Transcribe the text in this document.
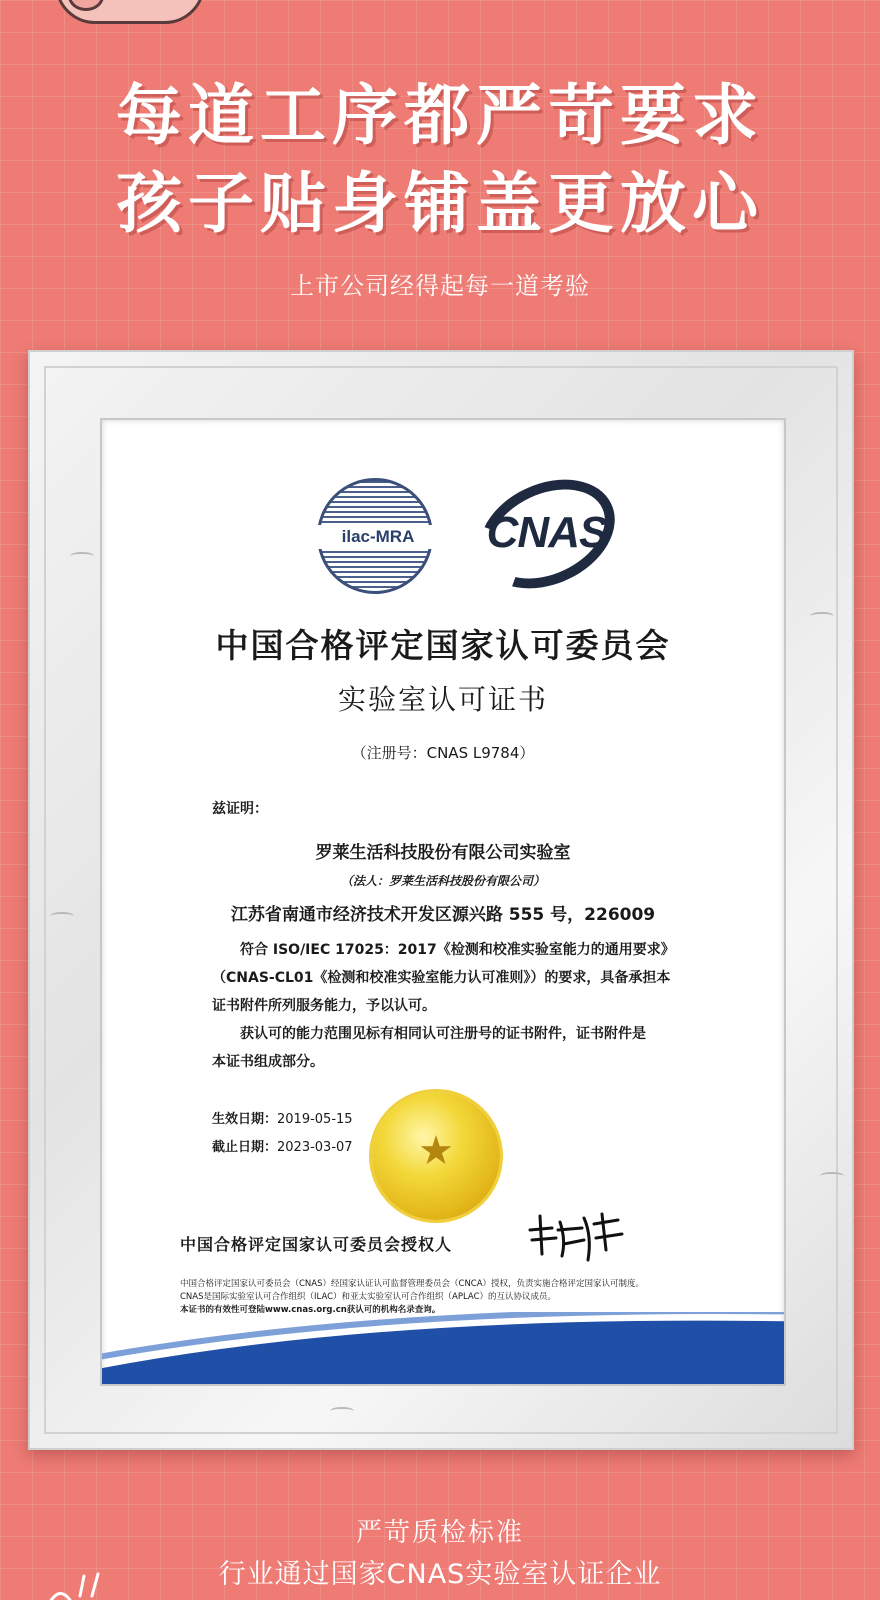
每道工序都严苛要求
孩子贴身铺盖更放心
上市公司经得起每一道考验
ilac-MRA	CNAS
中国合格评定国家认可委员会
实验室认可证书
（注册号：CNAS L9784）
兹证明：
罗莱生活科技股份有限公司实验室
（法人：罗莱生活科技股份有限公司）
江苏省南通市经济技术开发区源兴路 555 号，226009

符合 ISO/IEC 17025：2017《检测和校准实验室能力的通用要求》

（CNAS-CL01《检测和校准实验室能力认可准则》）的要求，具备承担本

证书附件所列服务能力，予以认可。

获认可的能力范围见标有相同认可注册号的证书附件，证书附件是

本证书组成部分。

生效日期：2019-05-15
截止日期：2023-03-07	★
中国合格评定国家认可委员会授权人
中国合格评定国家认可委员会（CNAS）经国家认证认可监督管理委员会（CNCA）授权，负责实施合格评定国家认可制度。
CNAS是国际实验室认可合作组织（ILAC）和亚太实验室认可合作组织（APLAC）的互认协议成员。
本证书的有效性可登陆www.cnas.org.cn获认可的机构名录查询。
严苛质检标准
行业通过国家CNAS实验室认证企业
